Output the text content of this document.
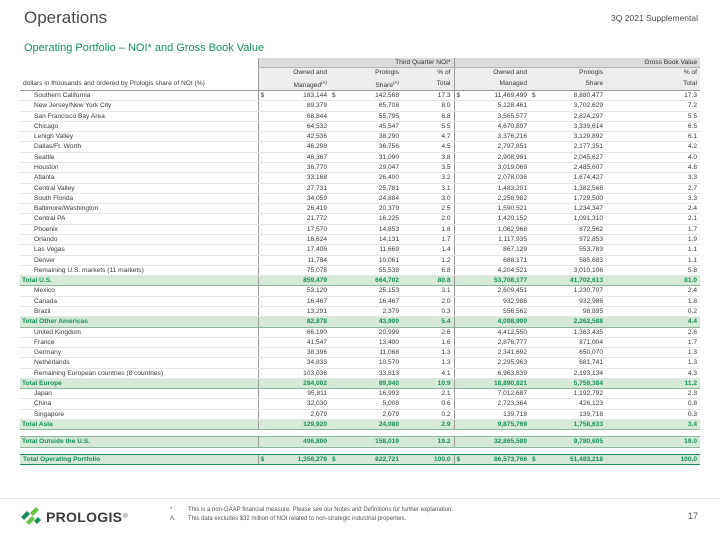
Operations
Operating Portfolio – NOI* and Gross Book Value
3Q 2021 Supplemental
	Third Quarter NOI*					Gross Book Value				
	Owned and		Prologis		% of	Owned and		Prologis		% of
dollars in thousands and ordered by Prologis share of NOI (%)	Managed$^{(A)}$		Share$^{(A)}$		Total	Managed		Share		Total
Southern California	$	183,144	$	142,568	17.3	$	11,469,499	$	8,880,477	17.3
New Jersey/New York City		89,379		65,708	8.0		5,128,461		3,702,629	7.2
San Francisco Bay Area		68,844		55,795	6.8		3,565,577		2,824,297	5.5
Chicago		64,532		45,547	5.5		4,670,897		3,339,614	6.5
Lehigh Valley		42,536		38,290	4.7		3,376,216		3,129,892	6.1
Dallas/Ft. Worth		46,298		36,756	4.5		2,797,851		2,177,351	4.2
Seattle		46,367		31,090	3.8		2,908,991		2,045,627	4.0
Houston		36,770		29,047	3.5		3,019,069		2,485,607	4.8
Atlanta		33,168		26,400	3.2		2,078,036		1,674,427	3.3
Central Valley		27,731		25,781	3.1		1,483,201		1,382,568	2.7
South Florida		34,059		24,884	3.0		2,258,982		1,729,500	3.3
Baltimore/Washington		26,419		20,379	2.5		1,590,521		1,234,347	2.4
Central PA		21,772		16,225	2.0		1,420,152		1,091,310	2.1
Phoenix		17,570		14,853	1.8		1,062,968		872,562	1.7
Orlando		16,624		14,131	1.7		1,117,935		972,853	1.9
Las Vegas		17,406		11,669	1.4		867,129		553,783	1.1
Denver		11,784		10,061	1.2		688,171		585,683	1.1
Remaining U.S. markets (11 markets)		75,078		55,538	6.8		4,204,521		3,010,106	5.8
Total U.S.		859,479		664,702	80.8		53,708,177		41,702,613	81.0
Mexico		53,120		25,153	3.1		2,609,451		1,230,707	2.4
Canada		16,467		16,467	2.0		932,986		932,986	1.8
Brazil		13,291		2,379	0.3		556,562		98,895	0.2
Total Other Americas		82,878		43,999	5.4		4,098,999		2,262,588	4.4
United Kingdom		66,190		20,999	2.6		4,412,550		1,363,435	2.6
France		41,547		13,490	1.6		2,876,777		871,004	1.7
Germany		38,396		11,068	1.3		2,341,692		650,070	1.3
Netherlands		34,833		10,570	1.3		2,295,963		681,741	1.3
Remaining European countries (8 countries)		103,036		33,813	4.1		6,963,839		2,193,134	4.3
Total Europe		284,002		89,940	10.9		18,890,821		5,759,384	11.2
Japan		95,811		16,993	2.1		7,012,687		1,192,792	2.3
China		32,030		5,008	0.6		2,723,364		426,123	0.8
Singapore		2,079		2,079	0.2		139,718		139,718	0.3
Total Asia		129,920		24,080	2.9		9,875,769		1,758,633	3.4

Total Outside the U.S.		496,800		158,019	19.2		32,865,589		9,780,605	19.0

Total Operating Portfolio	$	1,356,279	$	822,721	100.0	$	86,573,766	$	51,483,218	100.0
PROLOGIS ®
*	This is a non-GAAP financial measure. Please see our Notes and Definitions for further explanation.
A.	This data excludes $32 million of NOI related to non-strategic industrial properties.	17
